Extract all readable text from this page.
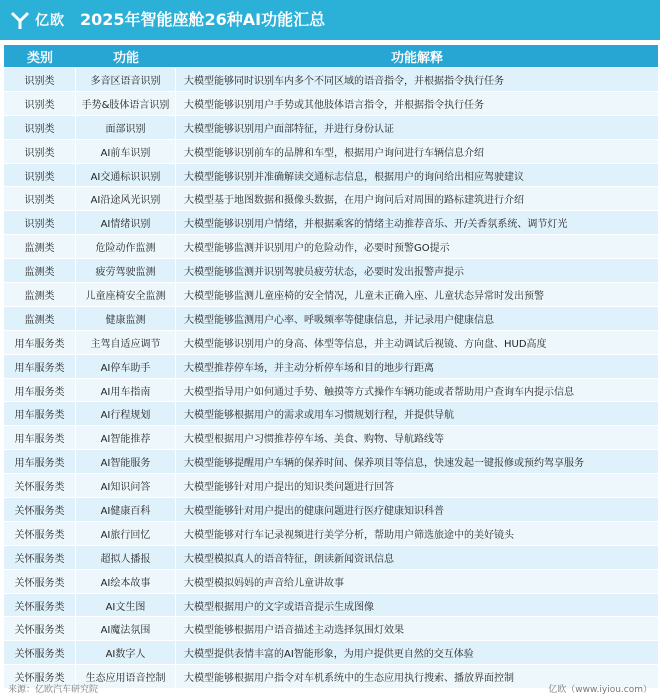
亿欧 2025年智能座舱26种AI功能汇总
类别	功能	功能解释
识别类	多音区语音识别	大模型能够同时识别车内多个不同区域的语音指令，并根据指令执行任务
识别类	手势&肢体语言识别	大模型能够识别用户手势或其他肢体语言指令，并根据指令执行任务
识别类	面部识别	大模型能够识别用户面部特征，并进行身份认证
识别类	AI前车识别	大模型能够识别前车的品牌和车型，根据用户询问进行车辆信息介绍
识别类	AI交通标识识别	大模型能够识别并准确解读交通标志信息，根据用户的询问给出相应驾驶建议
识别类	AI沿途风光识别	大模型基于地图数据和摄像头数据，在用户询问后对周围的路标建筑进行介绍
识别类	AI情绪识别	大模型能够识别用户情绪，并根据乘客的情绪主动推荐音乐、开/关香氛系统、调节灯光
监测类	危险动作监测	大模型能够监测并识别用户的危险动作，必要时预警GO提示
监测类	疲劳驾驶监测	大模型能够监测并识别驾驶员疲劳状态，必要时发出报警声提示
监测类	儿童座椅安全监测	大模型能够监测儿童座椅的安全情况，儿童未正确入座、儿童状态异常时发出预警
监测类	健康监测	大模型能够监测用户心率、呼吸频率等健康信息，并记录用户健康信息
用车服务类	主驾自适应调节	大模型能够识别用户的身高、体型等信息，并主动调试后视镜、方向盘、HUD高度
用车服务类	AI停车助手	大模型推荐停车场，并主动分析停车场和目的地步行距离
用车服务类	AI用车指南	大模型指导用户如何通过手势、触摸等方式操作车辆功能或者帮助用户查询车内提示信息
用车服务类	AI行程规划	大模型能够根据用户的需求或用车习惯规划行程，并提供导航
用车服务类	AI智能推荐	大模型根据用户习惯推荐停车场、美食、购物、导航路线等
用车服务类	AI智能服务	大模型能够提醒用户车辆的保养时间、保养项目等信息，快速发起一键报修或预约驾享服务
关怀服务类	AI知识问答	大模型能够针对用户提出的知识类问题进行回答
关怀服务类	AI健康百科	大模型能够针对用户提出的健康问题进行医疗健康知识科普
关怀服务类	AI旅行回忆	大模型能够对行车记录视频进行美学分析，帮助用户筛选旅途中的美好镜头
关怀服务类	超拟人播报	大模型模拟真人的语音特征，朗读新闻资讯信息
关怀服务类	AI绘本故事	大模型模拟妈妈的声音给儿童讲故事
关怀服务类	AI文生图	大模型根据用户的文字或语音提示生成图像
关怀服务类	AI魔法氛围	大模型能够根据用户语音描述主动选择氛围灯效果
关怀服务类	AI数字人	大模型提供表情丰富的AI智能形象，为用户提供更自然的交互体验
关怀服务类	生态应用语音控制	大模型能够根据用户指令对车机系统中的生态应用执行搜索、播放界面控制
来源：亿欧汽车研究院	亿欧（www.iyiou.com）
